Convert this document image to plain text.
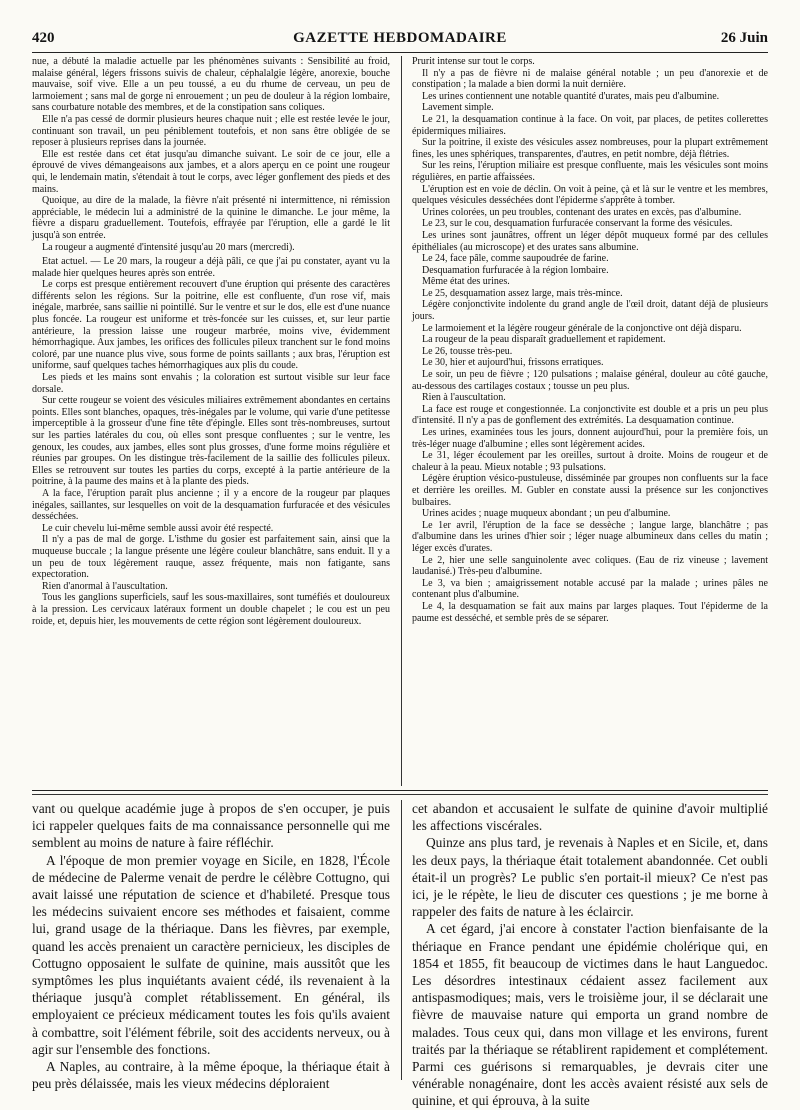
420	GAZETTE HEBDOMADAIRE	26 Juin

nue, a débuté la maladie actuelle par les phénomènes suivants : Sensibilité au froid, malaise général, légers frissons suivis de chaleur, céphalalgie légère, anorexie, bouche mauvaise, soif vive. Elle a un peu toussé, a eu du rhume de cerveau, un peu de larmoiement ; sans mal de gorge ni enrouement ; un peu de douleur à la région lombaire, sans courbature notable des membres, et de la constipation sans coliques.

Elle n'a pas cessé de dormir plusieurs heures chaque nuit ; elle est restée levée le jour, continuant son travail, un peu péniblement toutefois, et non sans être obligée de se reposer à plusieurs reprises dans la journée.

Elle est restée dans cet état jusqu'au dimanche suivant. Le soir de ce jour, elle a éprouvé de vives démangeaisons aux jambes, et a alors aperçu en ce point une rougeur qui, le lendemain matin, s'étendait à tout le corps, avec léger gonflement des pieds et des mains.

Quoique, au dire de la malade, la fièvre n'ait présenté ni intermittence, ni rémission appréciable, le médecin lui a administré de la quinine le dimanche. Le jour même, la fièvre a disparu graduellement. Toutefois, effrayée par l'éruption, elle a gardé le lit jusqu'à son entrée.

La rougeur a augmenté d'intensité jusqu'au 20 mars (mercredi).

Etat actuel. — Le 20 mars, la rougeur a déjà pâli, ce que j'ai pu constater, ayant vu la malade hier quelques heures après son entrée.

Le corps est presque entièrement recouvert d'une éruption qui présente des caractères différents selon les régions. Sur la poitrine, elle est confluente, d'un rose vif, mais inégale, marbrée, sans saillie ni pointillé. Sur le ventre et sur le dos, elle est d'une nuance plus foncée. La rougeur est uniforme et très-foncée sur les cuisses, et, sur leur partie antérieure, la pression laisse une rougeur marbrée, moins vive, évidemment hémorrhagique. Aux jambes, les orifices des follicules pileux tranchent sur le fond moins coloré, par une nuance plus vive, sous forme de points saillants ; aux bras, l'éruption est uniforme, sauf quelques taches hémorrhagiques aux plis du coude.

Les pieds et les mains sont envahis ; la coloration est surtout visible sur leur face dorsale.

Sur cette rougeur se voient des vésicules miliaires extrêmement abondantes en certains points. Elles sont blanches, opaques, très-inégales par le volume, qui varie d'une petitesse imperceptible à la grosseur d'une fine tête d'épingle. Elles sont très-nombreuses, surtout sur les parties latérales du cou, où elles sont presque confluentes ; sur le ventre, les genoux, les coudes, aux jambes, elles sont plus grosses, d'une forme moins régulière et réunies par groupes. On les distingue très-facilement de la saillie des follicules pileux. Elles se retrouvent sur toutes les parties du corps, excepté à la partie antérieure de la poitrine, à la paume des mains et à la plante des pieds.

A la face, l'éruption paraît plus ancienne ; il y a encore de la rougeur par plaques inégales, saillantes, sur lesquelles on voit de la desquamation furfuracée et des vésicules desséchées.

Le cuir chevelu lui-même semble aussi avoir été respecté.

Il n'y a pas de mal de gorge. L'isthme du gosier est parfaitement sain, ainsi que la muqueuse buccale ; la langue présente une légère couleur blanchâtre, sans enduit. Il y a un peu de toux légèrement rauque, assez fréquente, mais non fatigante, sans expectoration.

Rien d'anormal à l'auscultation.

Tous les ganglions superficiels, sauf les sous-maxillaires, sont tuméfiés et douloureux à la pression. Les cervicaux latéraux forment un double chapelet ; le cou est un peu roide, et, depuis hier, les mouvements de cette région sont légèrement douloureux.

Prurit intense sur tout le corps.

Il n'y a pas de fièvre ni de malaise général notable ; un peu d'anorexie et de constipation ; la malade a bien dormi la nuit dernière.

Les urines contiennent une notable quantité d'urates, mais peu d'albumine.

Lavement simple.

Le 21, la desquamation continue à la face. On voit, par places, de petites collerettes épidermiques miliaires.

Sur la poitrine, il existe des vésicules assez nombreuses, pour la plupart extrêmement fines, les unes sphériques, transparentes, d'autres, en petit nombre, déjà flétries.

Sur les reins, l'éruption miliaire est presque confluente, mais les vésicules sont moins régulières, en partie affaissées.

L'éruption est en voie de déclin. On voit à peine, çà et là sur le ventre et les membres, quelques vésicules desséchées dont l'épiderme s'apprête à tomber.

Urines colorées, un peu troubles, contenant des urates en excès, pas d'albumine.

Le 23, sur le cou, desquamation furfuracée conservant la forme des vésicules.

Les urines sont jaunâtres, offrent un léger dépôt muqueux formé par des cellules épithéliales (au microscope) et des urates sans albumine.

Le 24, face pâle, comme saupoudrée de farine.

Desquamation furfuracée à la région lombaire.

Même état des urines.

Le 25, desquamation assez large, mais très-mince.

Légère conjonctivite indolente du grand angle de l'œil droit, datant déjà de plusieurs jours.

Le larmoiement et la légère rougeur générale de la conjonctive ont déjà disparu.

La rougeur de la peau disparaît graduellement et rapidement.

Le 26, tousse très-peu.

Le 30, hier et aujourd'hui, frissons erratiques.

Le soir, un peu de fièvre ; 120 pulsations ; malaise général, douleur au côté gauche, au-dessous des cartilages costaux ; tousse un peu plus.

Rien à l'auscultation.

La face est rouge et congestionnée. La conjonctivite est double et a pris un peu plus d'intensité. Il n'y a pas de gonflement des extrémités. La desquamation continue.

Les urines, examinées tous les jours, donnent aujourd'hui, pour la première fois, un très-léger nuage d'albumine ; elles sont légèrement acides.

Le 31, léger écoulement par les oreilles, surtout à droite. Moins de rougeur et de chaleur à la peau. Mieux notable ; 93 pulsations.

Légère éruption vésico-pustuleuse, disséminée par groupes non confluents sur la face et derrière les oreilles. M. Gubler en constate aussi la présence sur les conjonctives bulbaires.

Urines acides ; nuage muqueux abondant ; un peu d'albumine.

Le 1er avril, l'éruption de la face se dessèche ; langue large, blanchâtre ; pas d'albumine dans les urines d'hier soir ; léger nuage albumineux dans celles du matin ; léger excès d'urates.

Le 2, hier une selle sanguinolente avec coliques. (Eau de riz vineuse ; lavement laudanisé.) Très-peu d'albumine.

Le 3, va bien ; amaigrissement notable accusé par la malade ; urines pâles ne contenant plus d'albumine.

Le 4, la desquamation se fait aux mains par larges plaques. Tout l'épiderme de la paume est desséché, et semble près de se séparer.

vant ou quelque académie juge à propos de s'en occuper, je puis ici rappeler quelques faits de ma connaissance personnelle qui me semblent au moins de nature à faire réfléchir.

A l'époque de mon premier voyage en Sicile, en 1828, l'École de médecine de Palerme venait de perdre le célèbre Cottugno, qui avait laissé une réputation de science et d'habileté. Presque tous les médecins suivaient encore ses méthodes et faisaient, comme lui, grand usage de la thériaque. Dans les fièvres, par exemple, quand les accès prenaient un caractère pernicieux, les disciples de Cottugno opposaient le sulfate de quinine, mais aussitôt que les symptômes les plus inquiétants avaient cédé, ils revenaient à la thériaque jusqu'à complet rétablissement. En général, ils employaient ce précieux médicament toutes les fois qu'ils avaient à combattre, soit l'élément fébrile, soit des accidents nerveux, ou à agir sur l'ensemble des fonctions.

A Naples, au contraire, à la même époque, la thériaque était à peu près délaissée, mais les vieux médecins déploraient

cet abandon et accusaient le sulfate de quinine d'avoir multiplié les affections viscérales.

Quinze ans plus tard, je revenais à Naples et en Sicile, et, dans les deux pays, la thériaque était totalement abandonnée. Cet oubli était-il un progrès? Le public s'en portait-il mieux? Ce n'est pas ici, je le répète, le lieu de discuter ces questions ; je me borne à rappeler des faits de nature à les éclaircir.

A cet égard, j'ai encore à constater l'action bienfaisante de la thériaque en France pendant une épidémie cholérique qui, en 1854 et 1855, fit beaucoup de victimes dans le haut Languedoc. Les désordres intestinaux cédaient assez facilement aux antispasmodiques; mais, vers le troisième jour, il se déclarait une fièvre de mauvaise nature qui emporta un grand nombre de malades. Tous ceux qui, dans mon village et les environs, furent traités par la thériaque se rétablirent rapidement et complétement. Parmi ces guérisons si remarquables, je devrais citer une vénérable nonagénaire, dont les accès avaient résisté aux sels de quinine, et qui éprouva, à la suite
